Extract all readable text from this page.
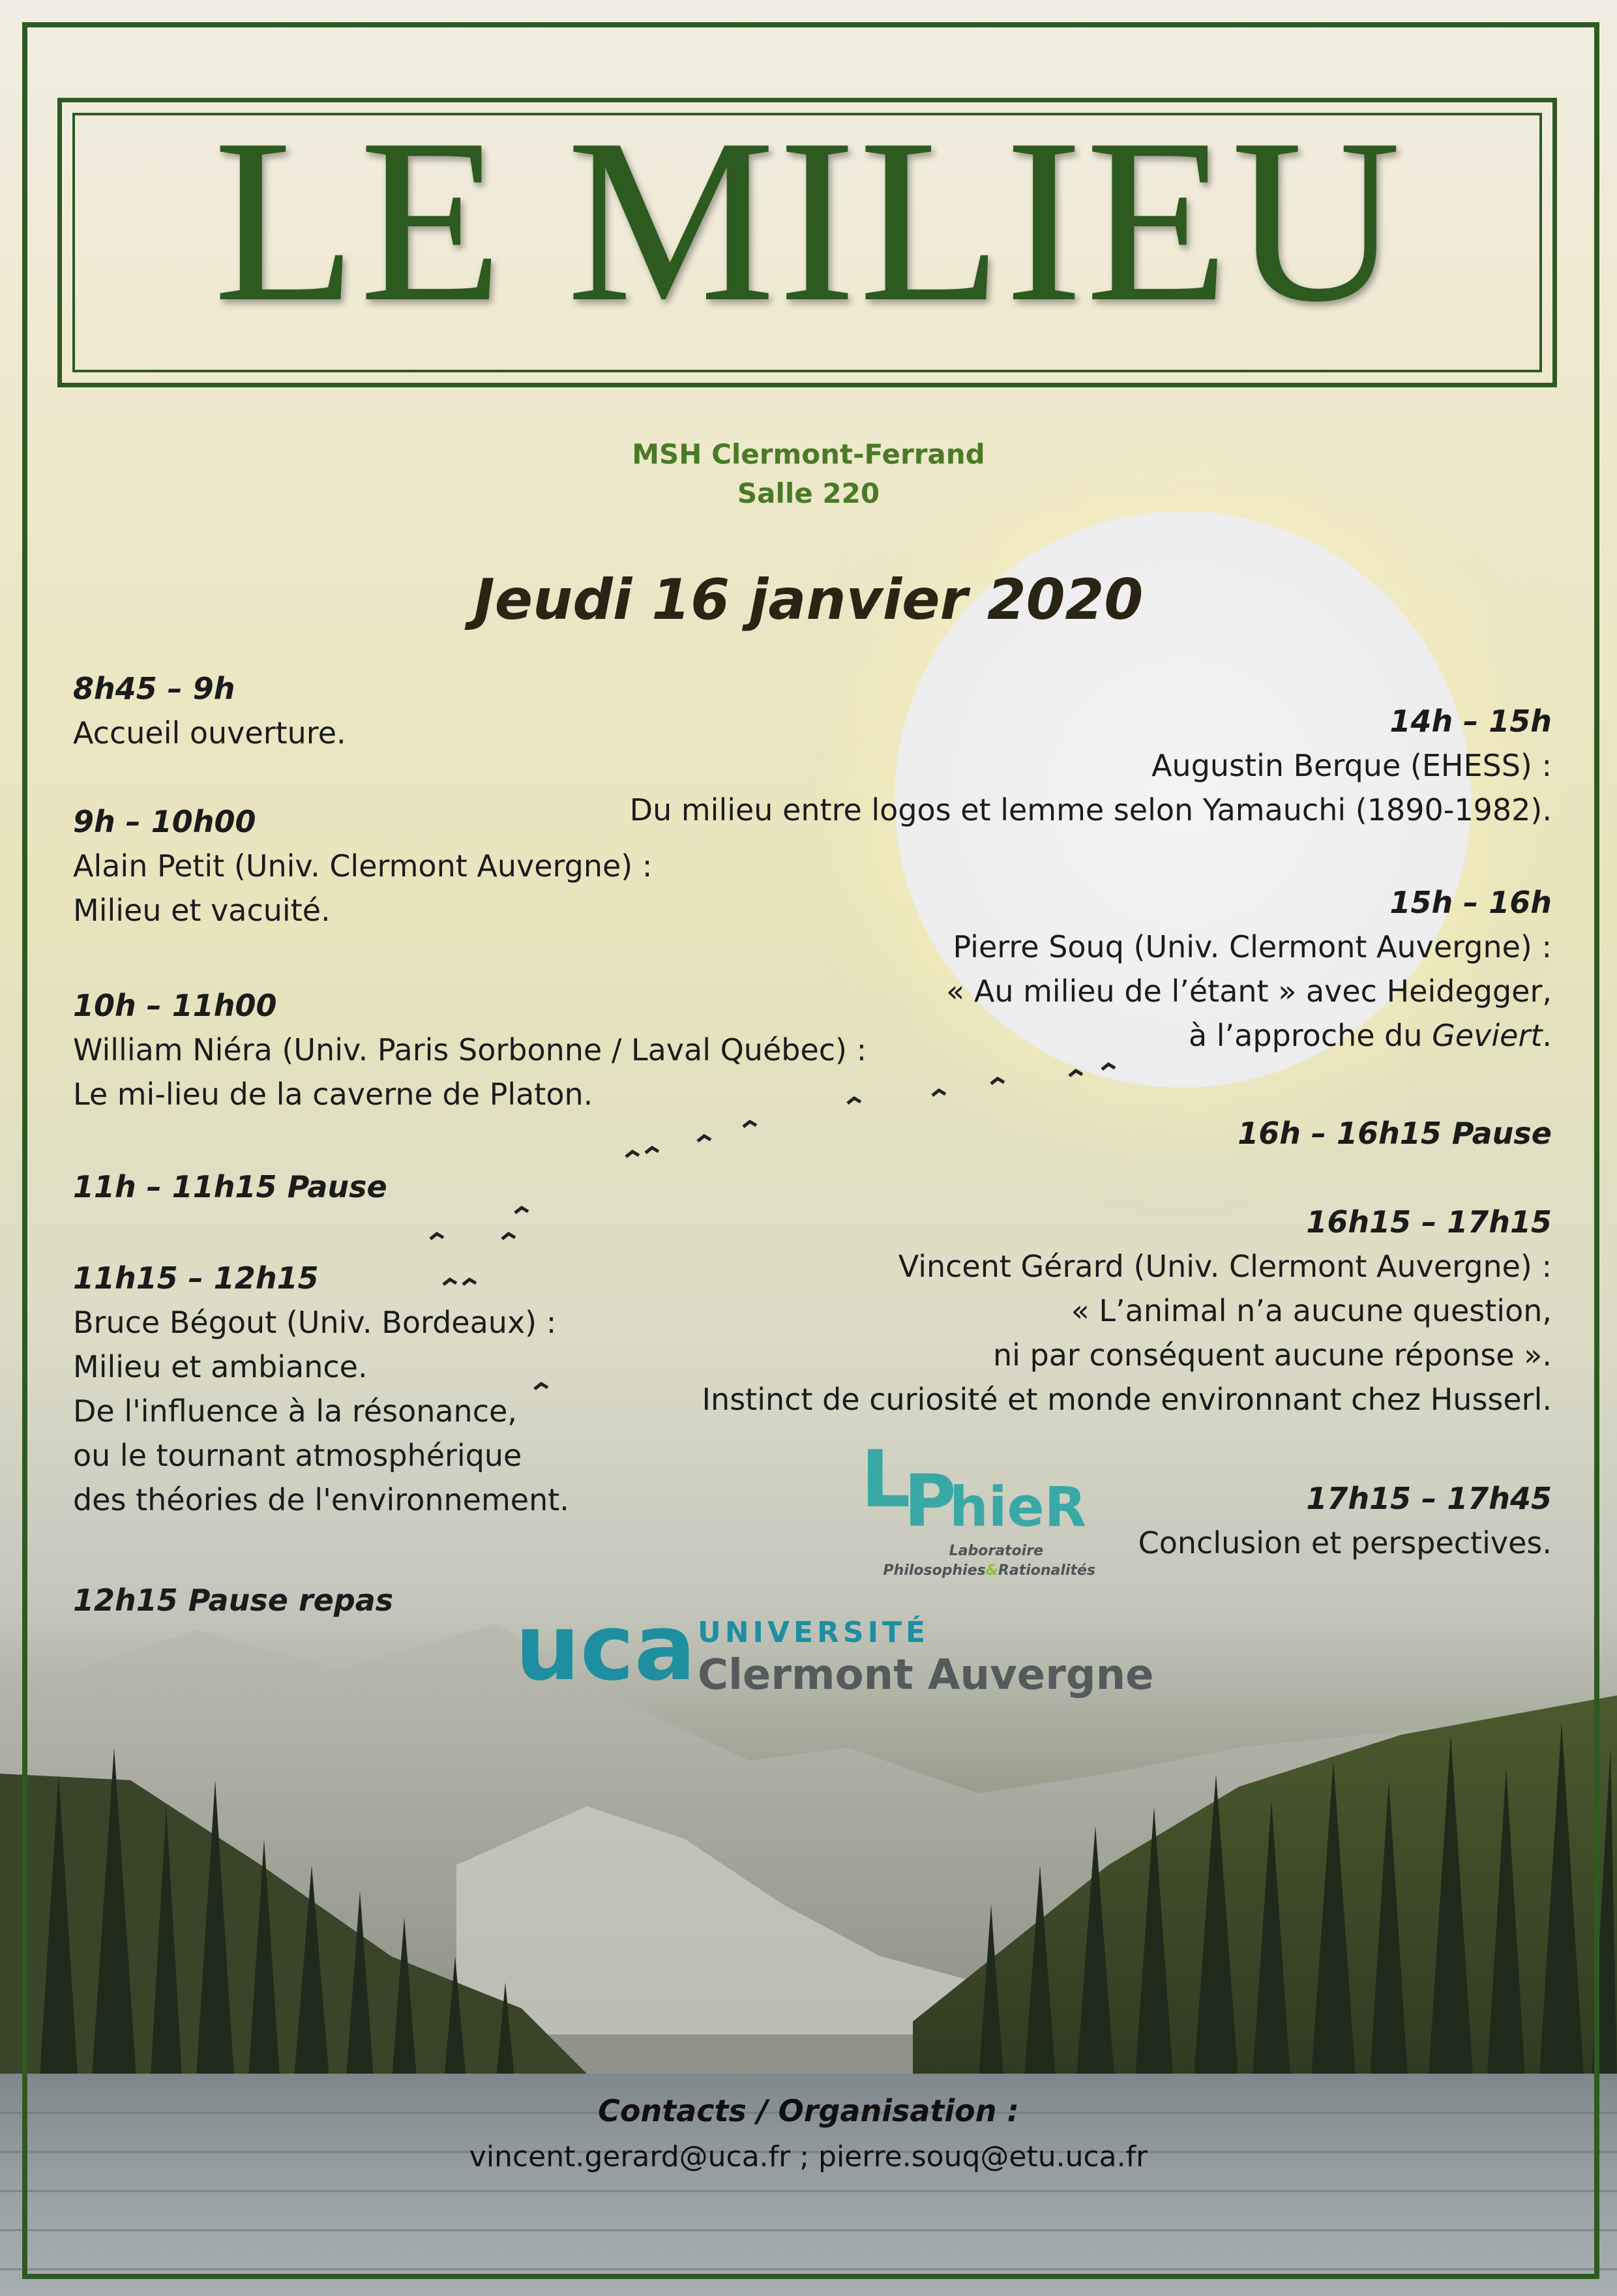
LE MILIEU
MSH Clermont-Ferrand
Salle 220
Jeudi 16 janvier 2020
8h45 – 9h
Accueil ouverture.
9h – 10h00
Alain Petit (Univ. Clermont Auvergne) :
Milieu et vacuité.
10h – 11h00
William Niéra (Univ. Paris Sorbonne / Laval Québec) :
Le mi-lieu de la caverne de Platon.
11h – 11h15 Pause
11h15 – 12h15
Bruce Bégout (Univ. Bordeaux) :
Milieu et ambiance.
De l'influence à la résonance,
ou le tournant atmosphérique
des théories de l'environnement.
12h15 Pause repas
14h – 15h
Augustin Berque (EHESS) :
Du milieu entre logos et lemme selon Yamauchi (1890-1982).
15h – 16h
Pierre Souq (Univ. Clermont Auvergne) :
« Au milieu de l’étant » avec Heidegger,
à l’approche du Geviert.
16h – 16h15 Pause
16h15 – 17h15
Vincent Gérard (Univ. Clermont Auvergne) :
« L’animal n’a aucune question,
ni par conséquent aucune réponse ».
Instinct de curiosité et monde environnant chez Husserl.
17h15 – 17h45
Conclusion et perspectives.
L
P
hieR
Laboratoire
Philosophies&Rationalités
uca UNIVERSITÉ
Clermont Auvergne
Contacts / Organisation :
vincent.gerard@uca.fr ; pierre.souq@etu.uca.fr
